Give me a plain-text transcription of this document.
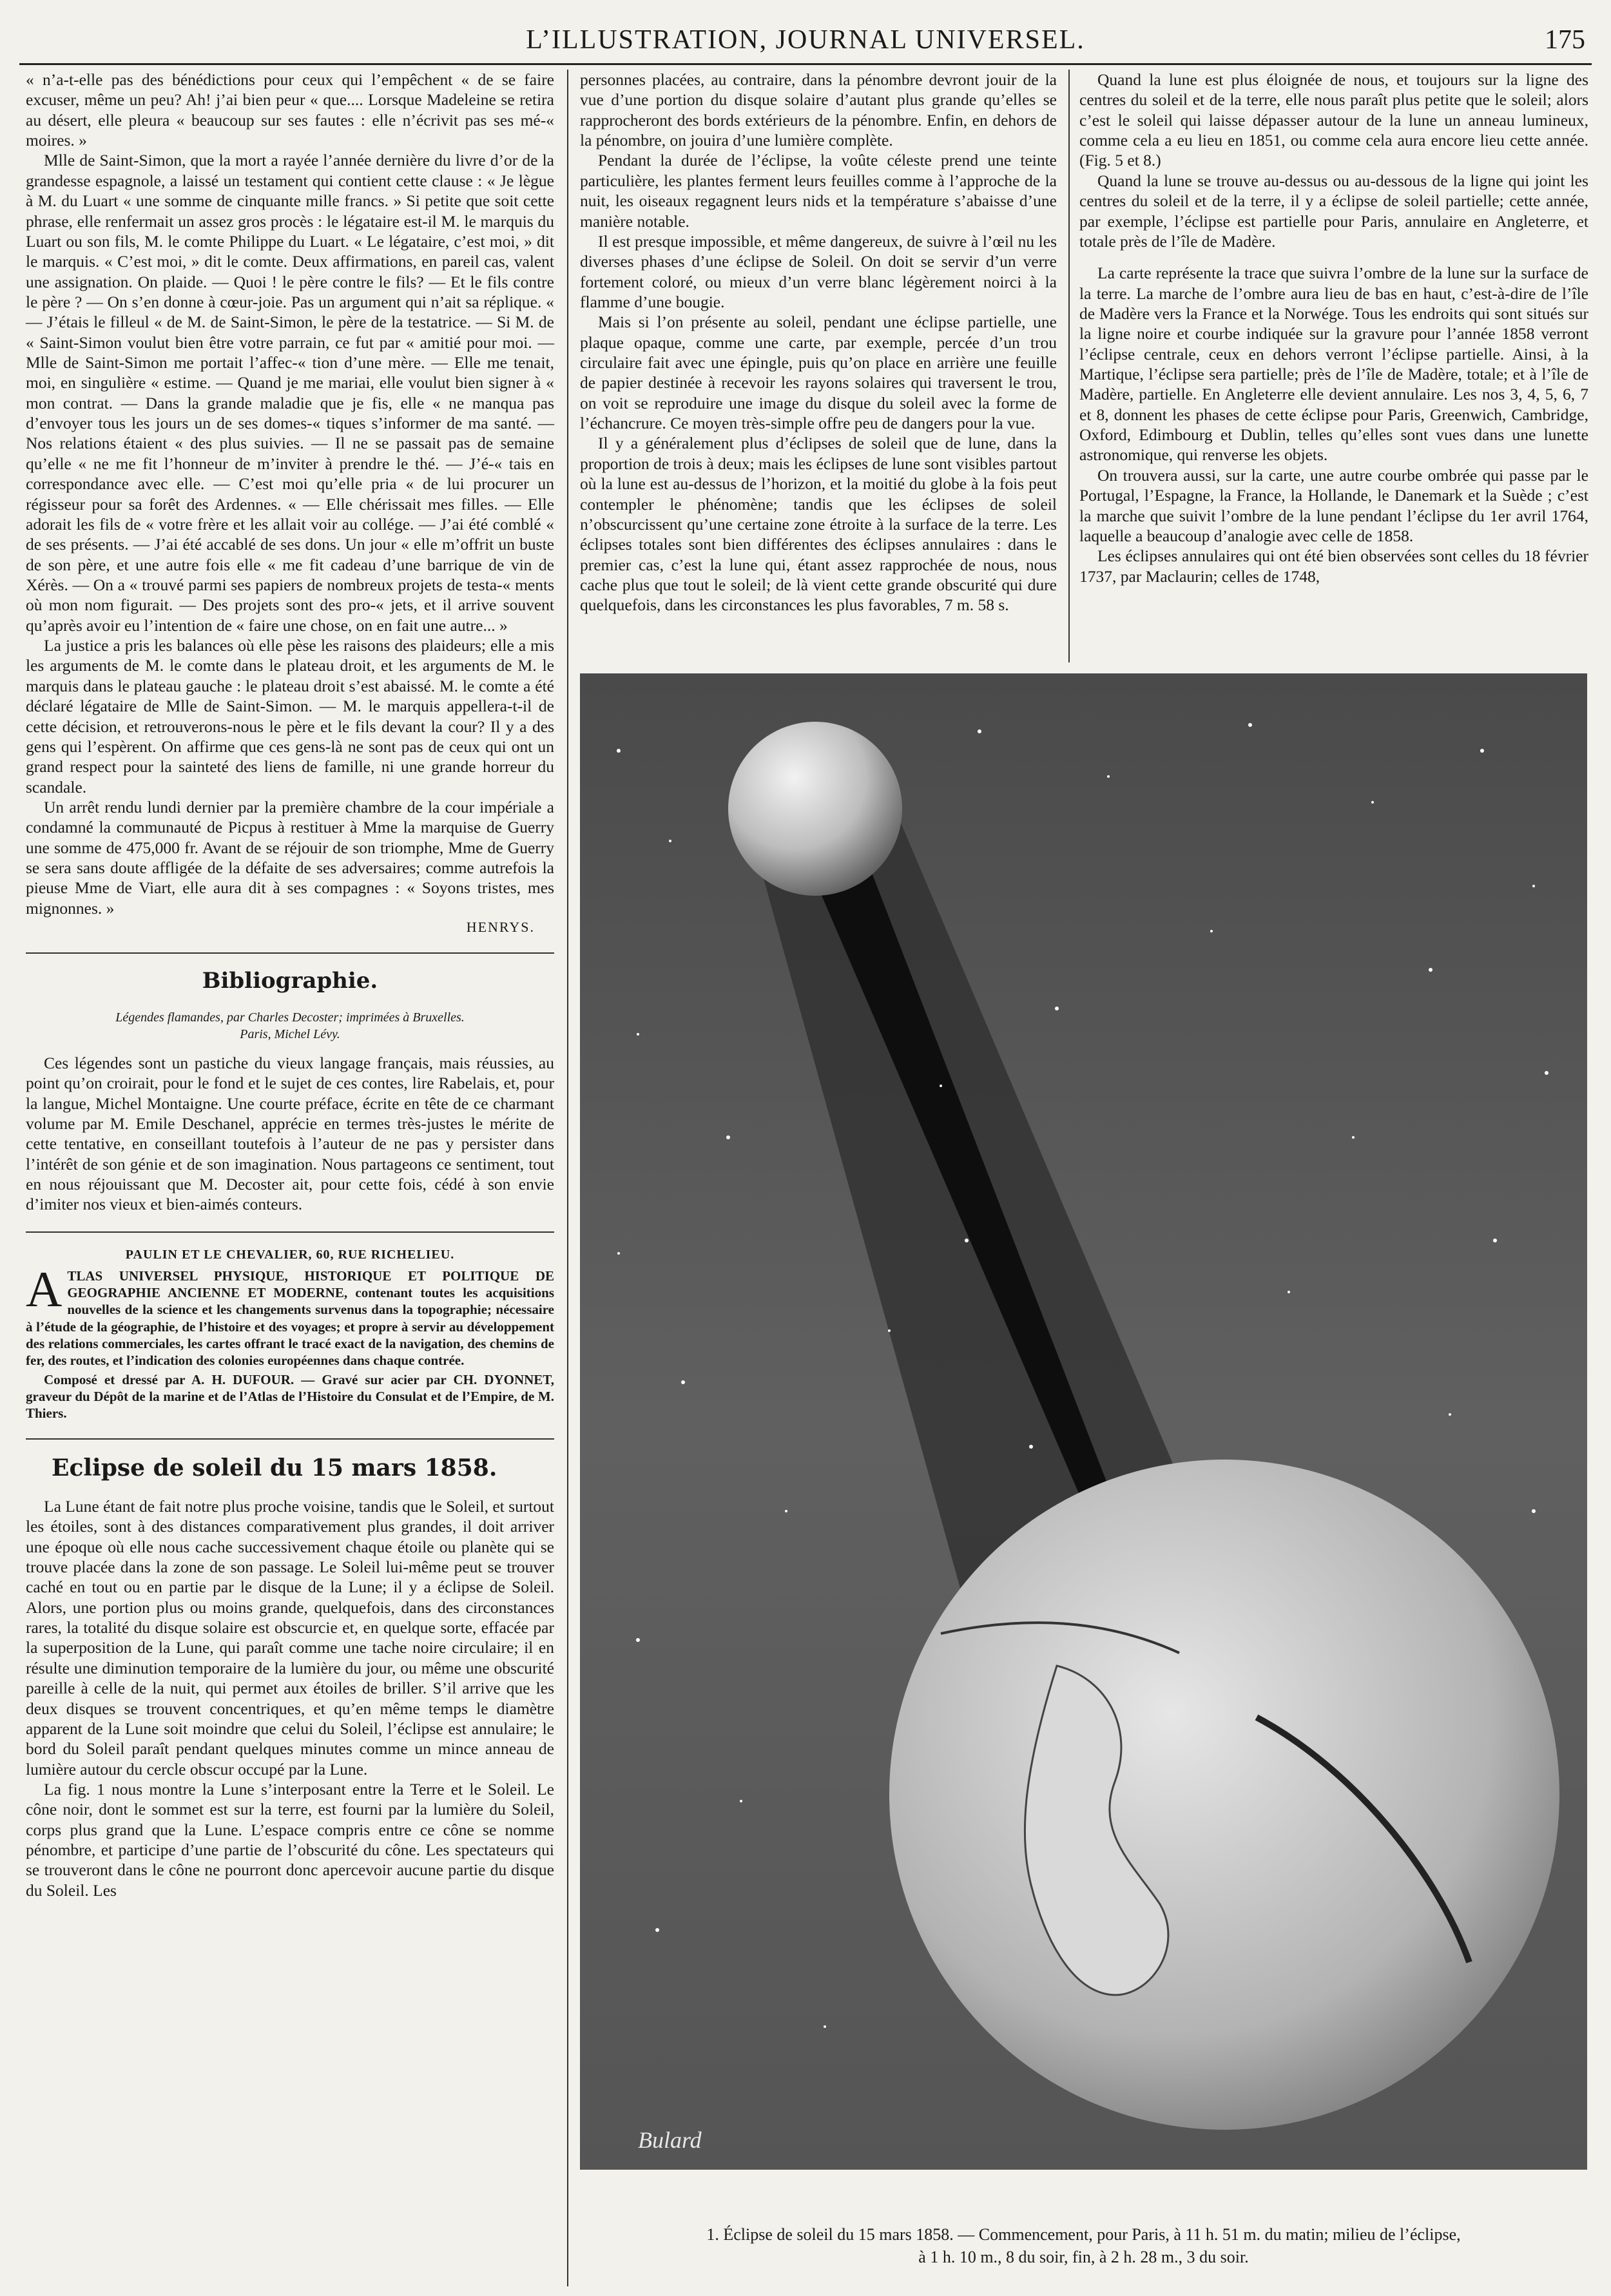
L’ILLUSTRATION, JOURNAL UNIVERSEL.	175

« n’a-t-elle pas des bénédictions pour ceux qui l’empêchent « de se faire excuser, même un peu? Ah! j’ai bien peur « que.... Lorsque Madeleine se retira au désert, elle pleura « beaucoup sur ses fautes : elle n’écrivit pas ses mé-« moires. »

Mlle de Saint-Simon, que la mort a rayée l’année dernière du livre d’or de la grandesse espagnole, a laissé un testament qui contient cette clause : « Je lègue à M. du Luart « une somme de cinquante mille francs. » Si petite que soit cette phrase, elle renfermait un assez gros procès : le légataire est-il M. le marquis du Luart ou son fils, M. le comte Philippe du Luart. « Le légataire, c’est moi, » dit le marquis. « C’est moi, » dit le comte. Deux affirmations, en pareil cas, valent une assignation. On plaide. — Quoi ! le père contre le fils? — Et le fils contre le père ? — On s’en donne à cœur-joie. Pas un argument qui n’ait sa réplique. « — J’étais le filleul « de M. de Saint-Simon, le père de la testatrice. — Si M. de « Saint-Simon voulut bien être votre parrain, ce fut par « amitié pour moi. — Mlle de Saint-Simon me portait l’affec-« tion d’une mère. — Elle me tenait, moi, en singulière « estime. — Quand je me mariai, elle voulut bien signer à « mon contrat. — Dans la grande maladie que je fis, elle « ne manqua pas d’envoyer tous les jours un de ses domes-« tiques s’informer de ma santé. — Nos relations étaient « des plus suivies. — Il ne se passait pas de semaine qu’elle « ne me fit l’honneur de m’inviter à prendre le thé. — J’é-« tais en correspondance avec elle. — C’est moi qu’elle pria « de lui procurer un régisseur pour sa forêt des Ardennes. « — Elle chérissait mes filles. — Elle adorait les fils de « votre frère et les allait voir au collége. — J’ai été comblé « de ses présents. — J’ai été accablé de ses dons. Un jour « elle m’offrit un buste de son père, et une autre fois elle « me fit cadeau d’une barrique de vin de Xérès. — On a « trouvé parmi ses papiers de nombreux projets de testa-« ments où mon nom figurait. — Des projets sont des pro-« jets, et il arrive souvent qu’après avoir eu l’intention de « faire une chose, on en fait une autre... »

La justice a pris les balances où elle pèse les raisons des plaideurs; elle a mis les arguments de M. le comte dans le plateau droit, et les arguments de M. le marquis dans le plateau gauche : le plateau droit s’est abaissé. M. le comte a été déclaré légataire de Mlle de Saint-Simon. — M. le marquis appellera-t-il de cette décision, et retrouverons-nous le père et le fils devant la cour? Il y a des gens qui l’espèrent. On affirme que ces gens-là ne sont pas de ceux qui ont un grand respect pour la sainteté des liens de famille, ni une grande horreur du scandale.

Un arrêt rendu lundi dernier par la première chambre de la cour impériale a condamné la communauté de Picpus à restituer à Mme la marquise de Guerry une somme de 475,000 fr. Avant de se réjouir de son triomphe, Mme de Guerry se sera sans doute affligée de la défaite de ses adversaires; comme autrefois la pieuse Mme de Viart, elle aura dit à ses compagnes : « Soyons tristes, mes mignonnes. »

HENRYS.
Bibliographie.
Légendes flamandes, par Charles Decoster; imprimées à Bruxelles.
Paris, Michel Lévy.

Ces légendes sont un pastiche du vieux langage français, mais réussies, au point qu’on croirait, pour le fond et le sujet de ces contes, lire Rabelais, et, pour la langue, Michel Montaigne. Une courte préface, écrite en tête de ce charmant volume par M. Emile Deschanel, apprécie en termes très-justes le mérite de cette tentative, en conseillant toutefois à l’auteur de ne pas y persister dans l’intérêt de son génie et de son imagination. Nous partageons ce sentiment, tout en nous réjouissant que M. Decoster ait, pour cette fois, cédé à son envie d’imiter nos vieux et bien-aimés conteurs.

PAULIN ET LE CHEVALIER, 60, RUE RICHELIEU.
ATLAS UNIVERSEL PHYSIQUE, HISTORIQUE ET POLITIQUE DE GEOGRAPHIE ANCIENNE ET MODERNE, contenant toutes les acquisitions nouvelles de la science et les changements survenus dans la topographie; nécessaire à l’étude de la géographie, de l’histoire et des voyages; et propre à servir au développement des relations commerciales, les cartes offrant le tracé exact de la navigation, des chemins de fer, des routes, et l’indication des colonies européennes dans chaque contrée.
Composé et dressé par A. H. DUFOUR. — Gravé sur acier par CH. DYONNET, graveur du Dépôt de la marine et de l’Atlas de l’Histoire du Consulat et de l’Empire, de M. Thiers.
Eclipse de soleil du 15 mars 1858.

La Lune étant de fait notre plus proche voisine, tandis que le Soleil, et surtout les étoiles, sont à des distances comparativement plus grandes, il doit arriver une époque où elle nous cache successivement chaque étoile ou planète qui se trouve placée dans la zone de son passage. Le Soleil lui-même peut se trouver caché en tout ou en partie par le disque de la Lune; il y a éclipse de Soleil. Alors, une portion plus ou moins grande, quelquefois, dans des circonstances rares, la totalité du disque solaire est obscurcie et, en quelque sorte, effacée par la superposition de la Lune, qui paraît comme une tache noire circulaire; il en résulte une diminution temporaire de la lumière du jour, ou même une obscurité pareille à celle de la nuit, qui permet aux étoiles de briller. S’il arrive que les deux disques se trouvent concentriques, et qu’en même temps le diamètre apparent de la Lune soit moindre que celui du Soleil, l’éclipse est annulaire; le bord du Soleil paraît pendant quelques minutes comme un mince anneau de lumière autour du cercle obscur occupé par la Lune.

La fig. 1 nous montre la Lune s’interposant entre la Terre et le Soleil. Le cône noir, dont le sommet est sur la terre, est fourni par la lumière du Soleil, corps plus grand que la Lune. L’espace compris entre ce cône se nomme pénombre, et participe d’une partie de l’obscurité du cône. Les spectateurs qui se trouveront dans le cône ne pourront donc apercevoir aucune partie du disque du Soleil. Les

personnes placées, au contraire, dans la pénombre devront jouir de la vue d’une portion du disque solaire d’autant plus grande qu’elles se rapprocheront des bords extérieurs de la pénombre. Enfin, en dehors de la pénombre, on jouira d’une lumière complète.

Pendant la durée de l’éclipse, la voûte céleste prend une teinte particulière, les plantes ferment leurs feuilles comme à l’approche de la nuit, les oiseaux regagnent leurs nids et la température s’abaisse d’une manière notable.

Il est presque impossible, et même dangereux, de suivre à l’œil nu les diverses phases d’une éclipse de Soleil. On doit se servir d’un verre fortement coloré, ou mieux d’un verre blanc légèrement noirci à la flamme d’une bougie.

Mais si l’on présente au soleil, pendant une éclipse partielle, une plaque opaque, comme une carte, par exemple, percée d’un trou circulaire fait avec une épingle, puis qu’on place en arrière une feuille de papier destinée à recevoir les rayons solaires qui traversent le trou, on voit se reproduire une image du disque du soleil avec la forme de l’échancrure. Ce moyen très-simple offre peu de dangers pour la vue.

Il y a généralement plus d’éclipses de soleil que de lune, dans la proportion de trois à deux; mais les éclipses de lune sont visibles partout où la lune est au-dessus de l’horizon, et la moitié du globe à la fois peut contempler le phénomène; tandis que les éclipses de soleil n’obscurcissent qu’une certaine zone étroite à la surface de la terre. Les éclipses totales sont bien différentes des éclipses annulaires : dans le premier cas, c’est la lune qui, étant assez rapprochée de nous, nous cache plus que tout le soleil; de là vient cette grande obscurité qui dure quelquefois, dans les circonstances les plus favorables, 7 m. 58 s.

Quand la lune est plus éloignée de nous, et toujours sur la ligne des centres du soleil et de la terre, elle nous paraît plus petite que le soleil; alors c’est le soleil qui laisse dépasser autour de la lune un anneau lumineux, comme cela a eu lieu en 1851, ou comme cela aura encore lieu cette année. (Fig. 5 et 8.)

Quand la lune se trouve au-dessus ou au-dessous de la ligne qui joint les centres du soleil et de la terre, il y a éclipse de soleil partielle; cette année, par exemple, l’éclipse est partielle pour Paris, annulaire en Angleterre, et totale près de l’île de Madère.

La carte représente la trace que suivra l’ombre de la lune sur la surface de la terre. La marche de l’ombre aura lieu de bas en haut, c’est-à-dire de l’île de Madère vers la France et la Norwége. Tous les endroits qui sont situés sur la ligne noire et courbe indiquée sur la gravure pour l’année 1858 verront l’éclipse centrale, ceux en dehors verront l’éclipse partielle. Ainsi, à la Martique, l’éclipse sera partielle; près de l’île de Madère, totale; et à l’île de Madère, partielle. En Angleterre elle devient annulaire. Les nos 3, 4, 5, 6, 7 et 8, donnent les phases de cette éclipse pour Paris, Greenwich, Cambridge, Oxford, Edimbourg et Dublin, telles qu’elles sont vues dans une lunette astronomique, qui renverse les objets.

On trouvera aussi, sur la carte, une autre courbe ombrée qui passe par le Portugal, l’Espagne, la France, la Hollande, le Danemark et la Suède ; c’est la marche que suivit l’ombre de la lune pendant l’éclipse du 1er avril 1764, laquelle a beaucoup d’analogie avec celle de 1858.

Les éclipses annulaires qui ont été bien observées sont celles du 18 février 1737, par Maclaurin; celles de 1748,

Bulard
1. Éclipse de soleil du 15 mars 1858. — Commencement, pour Paris, à 11 h. 51 m. du matin; milieu de l’éclipse,
à 1 h. 10 m., 8 du soir, fin, à 2 h. 28 m., 3 du soir.
